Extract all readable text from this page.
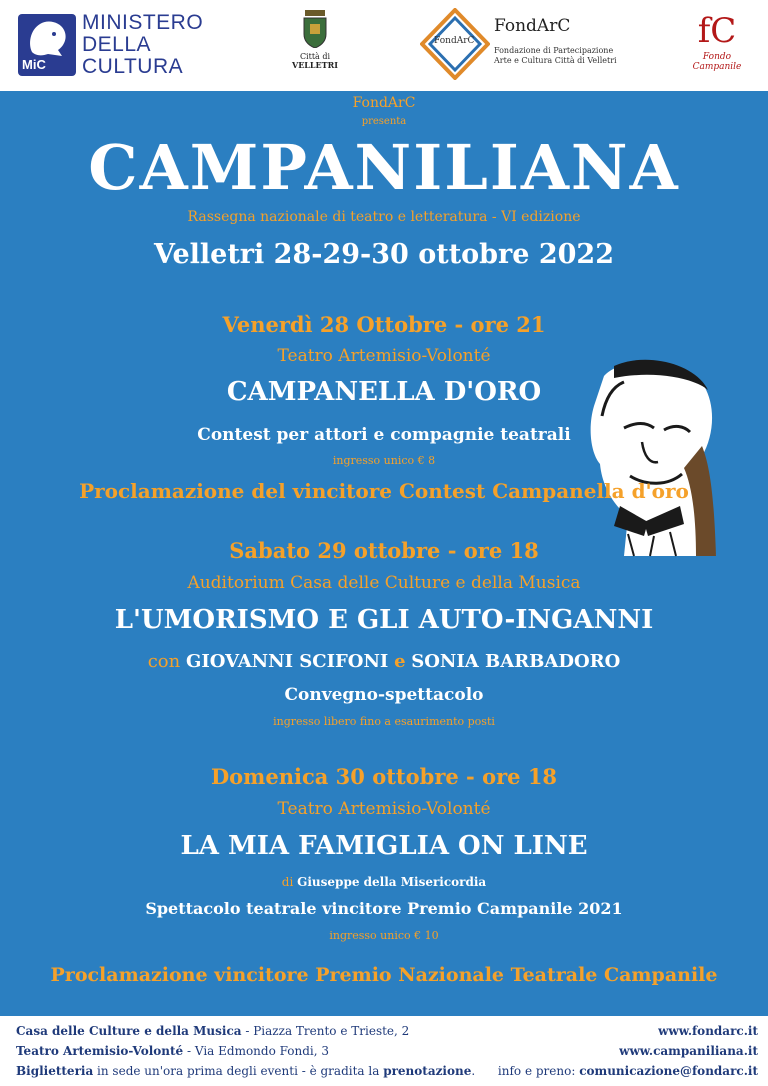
MiC
MINISTERO
DELLA
CULTURA	Città di
VELLETRI
FondArC
FondArC
Fondazione di Partecipazione
Arte e Cultura Città di Velletri
fC
Fondo Campanile
FondArC
presenta
CAMPANILIANA
Rassegna nazionale di teatro e letteratura - VI edizione
Velletri 28-29-30 ottobre 2022
Venerdì 28 Ottobre - ore 21
Teatro Artemisio-Volonté
CAMPANELLA D'ORO
Contest per attori e compagnie teatrali
ingresso unico € 8
Proclamazione del vincitore Contest Campanella d'oro
Sabato 29 ottobre - ore 18
Auditorium Casa delle Culture e della Musica
L'UMORISMO E GLI AUTO-INGANNI
con GIOVANNI SCIFONI e SONIA BARBADORO
Convegno-spettacolo
ingresso libero fino a esaurimento posti
Domenica 30 ottobre - ore 18
Teatro Artemisio-Volonté
LA MIA FAMIGLIA ON LINE
di Giuseppe della Misericordia
Spettacolo teatrale vincitore Premio Campanile 2021
ingresso unico € 10
Proclamazione vincitore Premio Nazionale Teatrale Campanile
Casa delle Culture e della Musica - Piazza Trento e Trieste, 2
Teatro Artemisio-Volonté - Via Edmondo Fondi, 3
Biglietteria in sede un'ora prima degli eventi - è gradita la prenotazione.
www.fondarc.it
www.campaniliana.it
info e preno: comunicazione@fondarc.it
